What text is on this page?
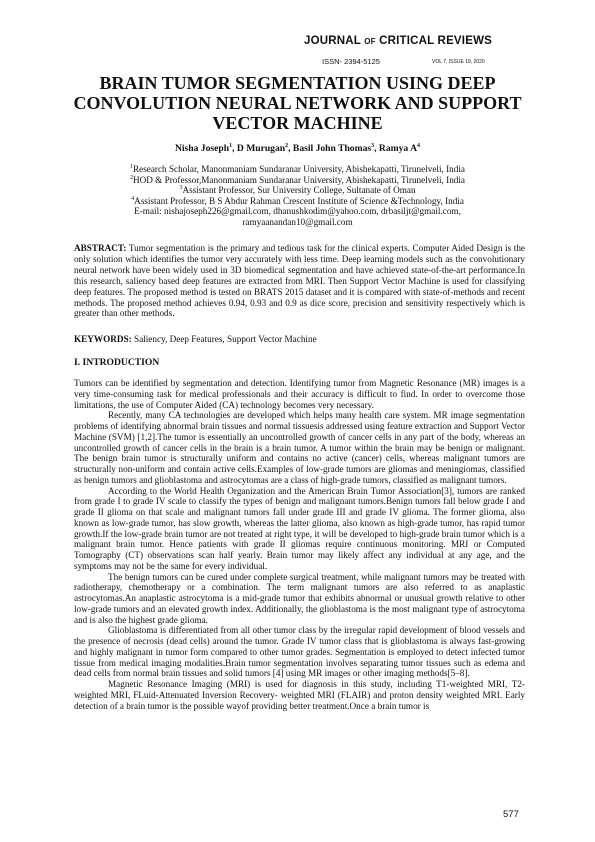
JOURNAL OF CRITICAL REVIEWS
ISSN- 2394-5125	VOL 7, ISSUE 19, 2020
BRAIN TUMOR SEGMENTATION USING DEEP
CONVOLUTION NEURAL NETWORK AND SUPPORT
VECTOR MACHINE
Nisha Joseph$^1$, D Murugan$^2$, Basil John Thomas$^3$, Ramya $A^4$
$^1$Research Scholar, Manonmaniam Sundaranar University, Abishekapatti, Tirunelveli, India
$^2$HOD & Professor,Manonmaniam Sundaranar University, Abishekapatti, Tirunelveli, India
$^3$Assistant Professor, Sur University College, Sultanate of Oman
$^4$Assistant Professor, B S Abdur Rahman Crescent Institute of Science &Technology, India
E-mail: nishajoseph226@gmail.com, dhanushkodim@yahoo.com, drbasiljt@gmail.com,
ramyaanandan10@gmail.com
ABSTRACT: Tumor segmentation is the primary and tedious task for the clinical experts. Computer Aided Design is the only solution which identifies the tumor very accurately with less time. Deep learning models such as the convolutionary neural network have been widely used in 3D biomedical segmentation and have achieved state-of-the-art performance.In this research, saliency based deep features are extracted from MRI. Then Support Vector Machine is used for classifying deep features. The proposed method is tested on BRATS 2015 dataset and it is compared with state-of-methods and recent methods. The proposed method achieves 0.94, 0.93 and 0.9 as dice score, precision and sensitivity respectively which is greater than other methods.
KEYWORDS: Saliency, Deep Features, Support Vector Machine
I. INTRODUCTION

Tumors can be identified by segmentation and detection. Identifying tumor from Magnetic Resonance (MR) images is a very time-consuming task for medical professionals and their accuracy is difficult to find. In order to overcome those limitations, the use of Computer Aided (CA) technology becomes very necessary.

Recently, many CA technologies are developed which helps many health care system. MR image segmentation problems of identifying abnormal brain tissues and normal tissuesis addressed using feature extraction and Support Vector Machine (SVM) [1,2].The tumor is essentially an uncontrolled growth of cancer cells in any part of the body, whereas an uncontrolled growth of cancer cells in the brain is a brain tumor. A tumor within the brain may be benign or malignant. The benign brain tumor is structurally uniform and contains no active (cancer) cells, whereas malignant tumors are structurally non-uniform and contain active cells.Examples of low-grade tumors are gliomas and meningiomas, classified as benign tumors and glioblastoma and astrocytomas are a class of high-grade tumors, classified as malignant tumors.

According to the World Health Organization and the American Brain Tumor Association[3], tumors are ranked from grade I to grade IV scale to classify the types of benign and malignant tumors.Benign tumors fall below grade I and grade II glioma on that scale and malignant tumors fall under grade III and grade IV glioma. The former glioma, also known as low-grade tumor, has slow growth, whereas the latter glioma, also known as high-grade tumor, has rapid tumor growth.If the low-grade brain tumor are not treated at right type, it will be developed to high-grade brain tumor which is a malignant brain tumor. Hence patients with grade II gliomas require continuous monitoring. MRI or Computed Tomography (CT) observations scan half yearly. Brain tumor may likely affect any individual at any age, and the symptoms may not be the same for every individual.

The benign tumors can be cured under complete surgical treatment, while malignant tumors may be treated with radiotherapy, chemotherapy or a combination. The term malignant tumors are also referred to as anaplastic astrocytomas.An anaplastic astrocytoma is a mid-grade tumor that exhibits abnormal or unusual growth relative to other low-grade tumors and an elevated growth index. Additionally, the glioblastoma is the most malignant type of astrocytoma and is also the highest grade glioma.

Glioblastoma is differentiated from all other tumor class by the irregular rapid development of blood vessels and the presence of necrosis (dead cells) around the tumor. Grade IV tumor class that is glioblastoma is always fast-growing and highly malignant in tumor form compared to other tumor grades. Segmentation is employed to detect infected tumor tissue from medical imaging modalities.Brain tumor segmentation involves separating tumor tissues such as edema and dead cells from normal brain tissues and solid tumors [4] using MR images or other imaging methods[5–8].

Magnetic Resonance Imaging (MRI) is used for diagnosis in this study, including T1-weighted MRI, T2-weighted MRI, FLuid-Attenuated Inversion Recovery- weighted MRI (FLAIR) and proton density weighted MRI. Early detection of a brain tumor is the possible wayof providing better treatment.Once a brain tumor is

577
